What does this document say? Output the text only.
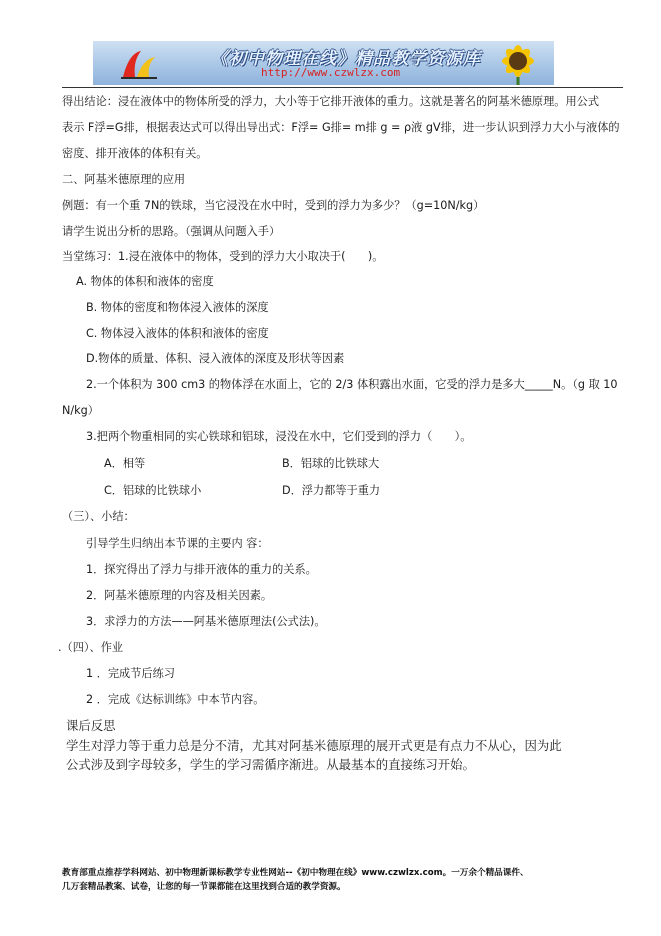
《初中物理在线》精品教学资源库
http://www.czwlzx.com
得出结论：浸在液体中的物体所受的浮力，大小等于它排开液体的重力。这就是著名的阿基米德原理。用公式
表示 F浮=G排，根据表达式可以得出导出式：F浮= G排= m排 g = ρ液 gV排，进一步认识到浮力大小与液体的
密度、排开液体的体积有关。
二、阿基米德原理的应用
例题：有一个重 7N的铁球，当它浸没在水中时，受到的浮力为多少？（g=10N/kg）
请学生说出分析的思路。（强调从问题入手）
当堂练习：1.浸在液体中的物体，受到的浮力大小取决于(　　)。
A. 物体的体积和液体的密度
B. 物体的密度和物体浸入液体的深度
C. 物体浸入液体的体积和液体的密度
D.物体的质量、体积、浸入液体的深度及形状等因素
2.一个体积为 300 cm3 的物体浮在水面上，它的 2/3 体积露出水面，它受的浮力是多大_____N。（g 取 10
N/kg）
3.把两个物重相同的实心铁球和铝球，浸没在水中，它们受到的浮力（　　）。
A．相等	B．铝球的比铁球大
C．铝球的比铁球小	D．浮力都等于重力
（三）、小结：
引导学生归纳出本节课的主要内 容：
1．探究得出了浮力与排开液体的重力的关系。
2．阿基米德原理的内容及相关因素。
3．求浮力的方法——阿基米德原理法(公式法)。
.（四）、作业
1 ．完成节后练习
2 ．完成《达标训练》中本节内容。
课后反思
学生对浮力等于重力总是分不清，尤其对阿基米德原理的展开式更是有点力不从心，因为此
公式涉及到字母较多，学生的学习需循序渐进。从最基本的直接练习开始。
教育部重点推荐学科网站、初中物理新课标教学专业性网站--《初中物理在线》www.czwlzx.com。一万余个精品课件、
几万套精品教案、试卷，让您的每一节课都能在这里找到合适的教学资源。
